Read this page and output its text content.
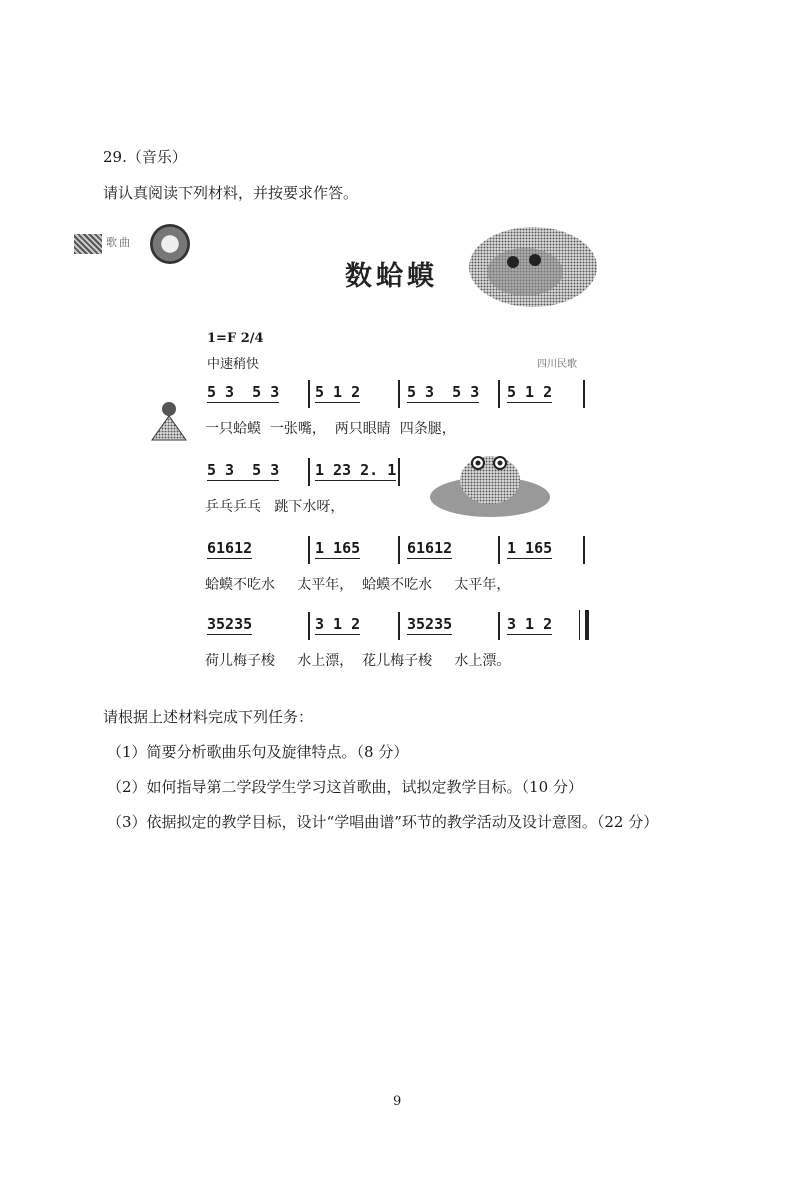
29.（音乐）
请认真阅读下列材料，并按要求作答。
歌曲
数蛤蟆
1=F 2/4
中速稍快	四川民歌
5 3  5 3 5 1 2	5 3  5 3 5 1 2
一只蛤蟆  一张嘴，  两只眼睛  四条腿，
5 3  5 3 1 23 2. 1
乒乓乒乓   跳下水呀，
61612	1 165	61612	1 165
蛤蟆不吃水     太平年，  蛤蟆不吃水     太平年，
35235	3 1 2	35235	3 1 2
荷儿梅子梭     水上漂，  花儿梅子梭     水上漂。
请根据上述材料完成下列任务：
（1）简要分析歌曲乐句及旋律特点。（8 分）
（2）如何指导第二学段学生学习这首歌曲，试拟定教学目标。（10 分）
（3）依据拟定的教学目标，设计“学唱曲谱”环节的教学活动及设计意图。（22 分）
9
